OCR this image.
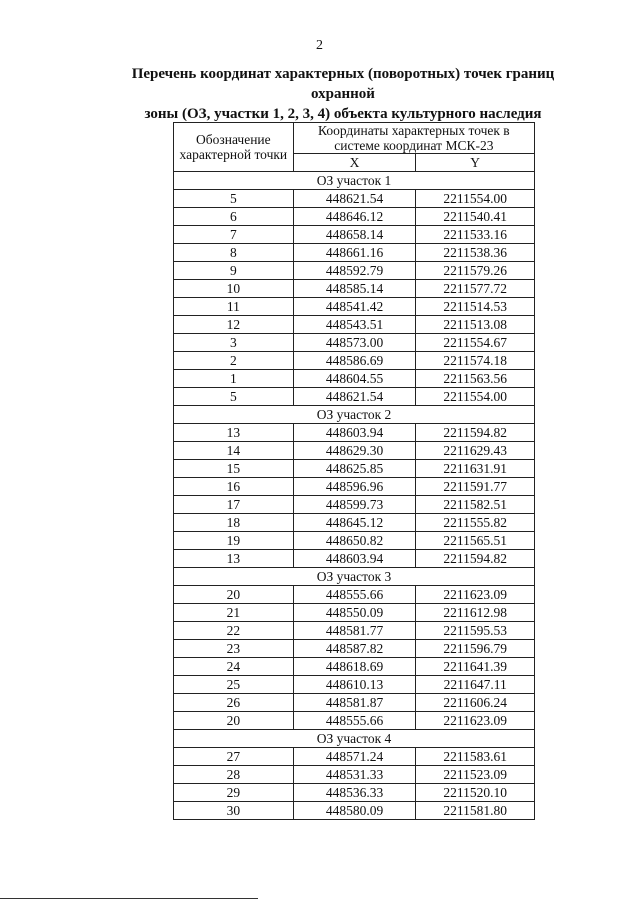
2
Перечень координат характерных (поворотных) точек границ охранной
зоны (ОЗ, участки 1, 2, 3, 4) объекта культурного наследия
Обозначение характерной точки	Координаты характерных точек в системе координат МСК-23	
	X	Y
ОЗ участок 1		
5	448621.54	2211554.00
6	448646.12	2211540.41
7	448658.14	2211533.16
8	448661.16	2211538.36
9	448592.79	2211579.26
10	448585.14	2211577.72
11	448541.42	2211514.53
12	448543.51	2211513.08
3	448573.00	2211554.67
2	448586.69	2211574.18
1	448604.55	2211563.56
5	448621.54	2211554.00
ОЗ участок 2		
13	448603.94	2211594.82
14	448629.30	2211629.43
15	448625.85	2211631.91
16	448596.96	2211591.77
17	448599.73	2211582.51
18	448645.12	2211555.82
19	448650.82	2211565.51
13	448603.94	2211594.82
ОЗ участок 3		
20	448555.66	2211623.09
21	448550.09	2211612.98
22	448581.77	2211595.53
23	448587.82	2211596.79
24	448618.69	2211641.39
25	448610.13	2211647.11
26	448581.87	2211606.24
20	448555.66	2211623.09
ОЗ участок 4		
27	448571.24	2211583.61
28	448531.33	2211523.09
29	448536.33	2211520.10
30	448580.09	2211581.80
